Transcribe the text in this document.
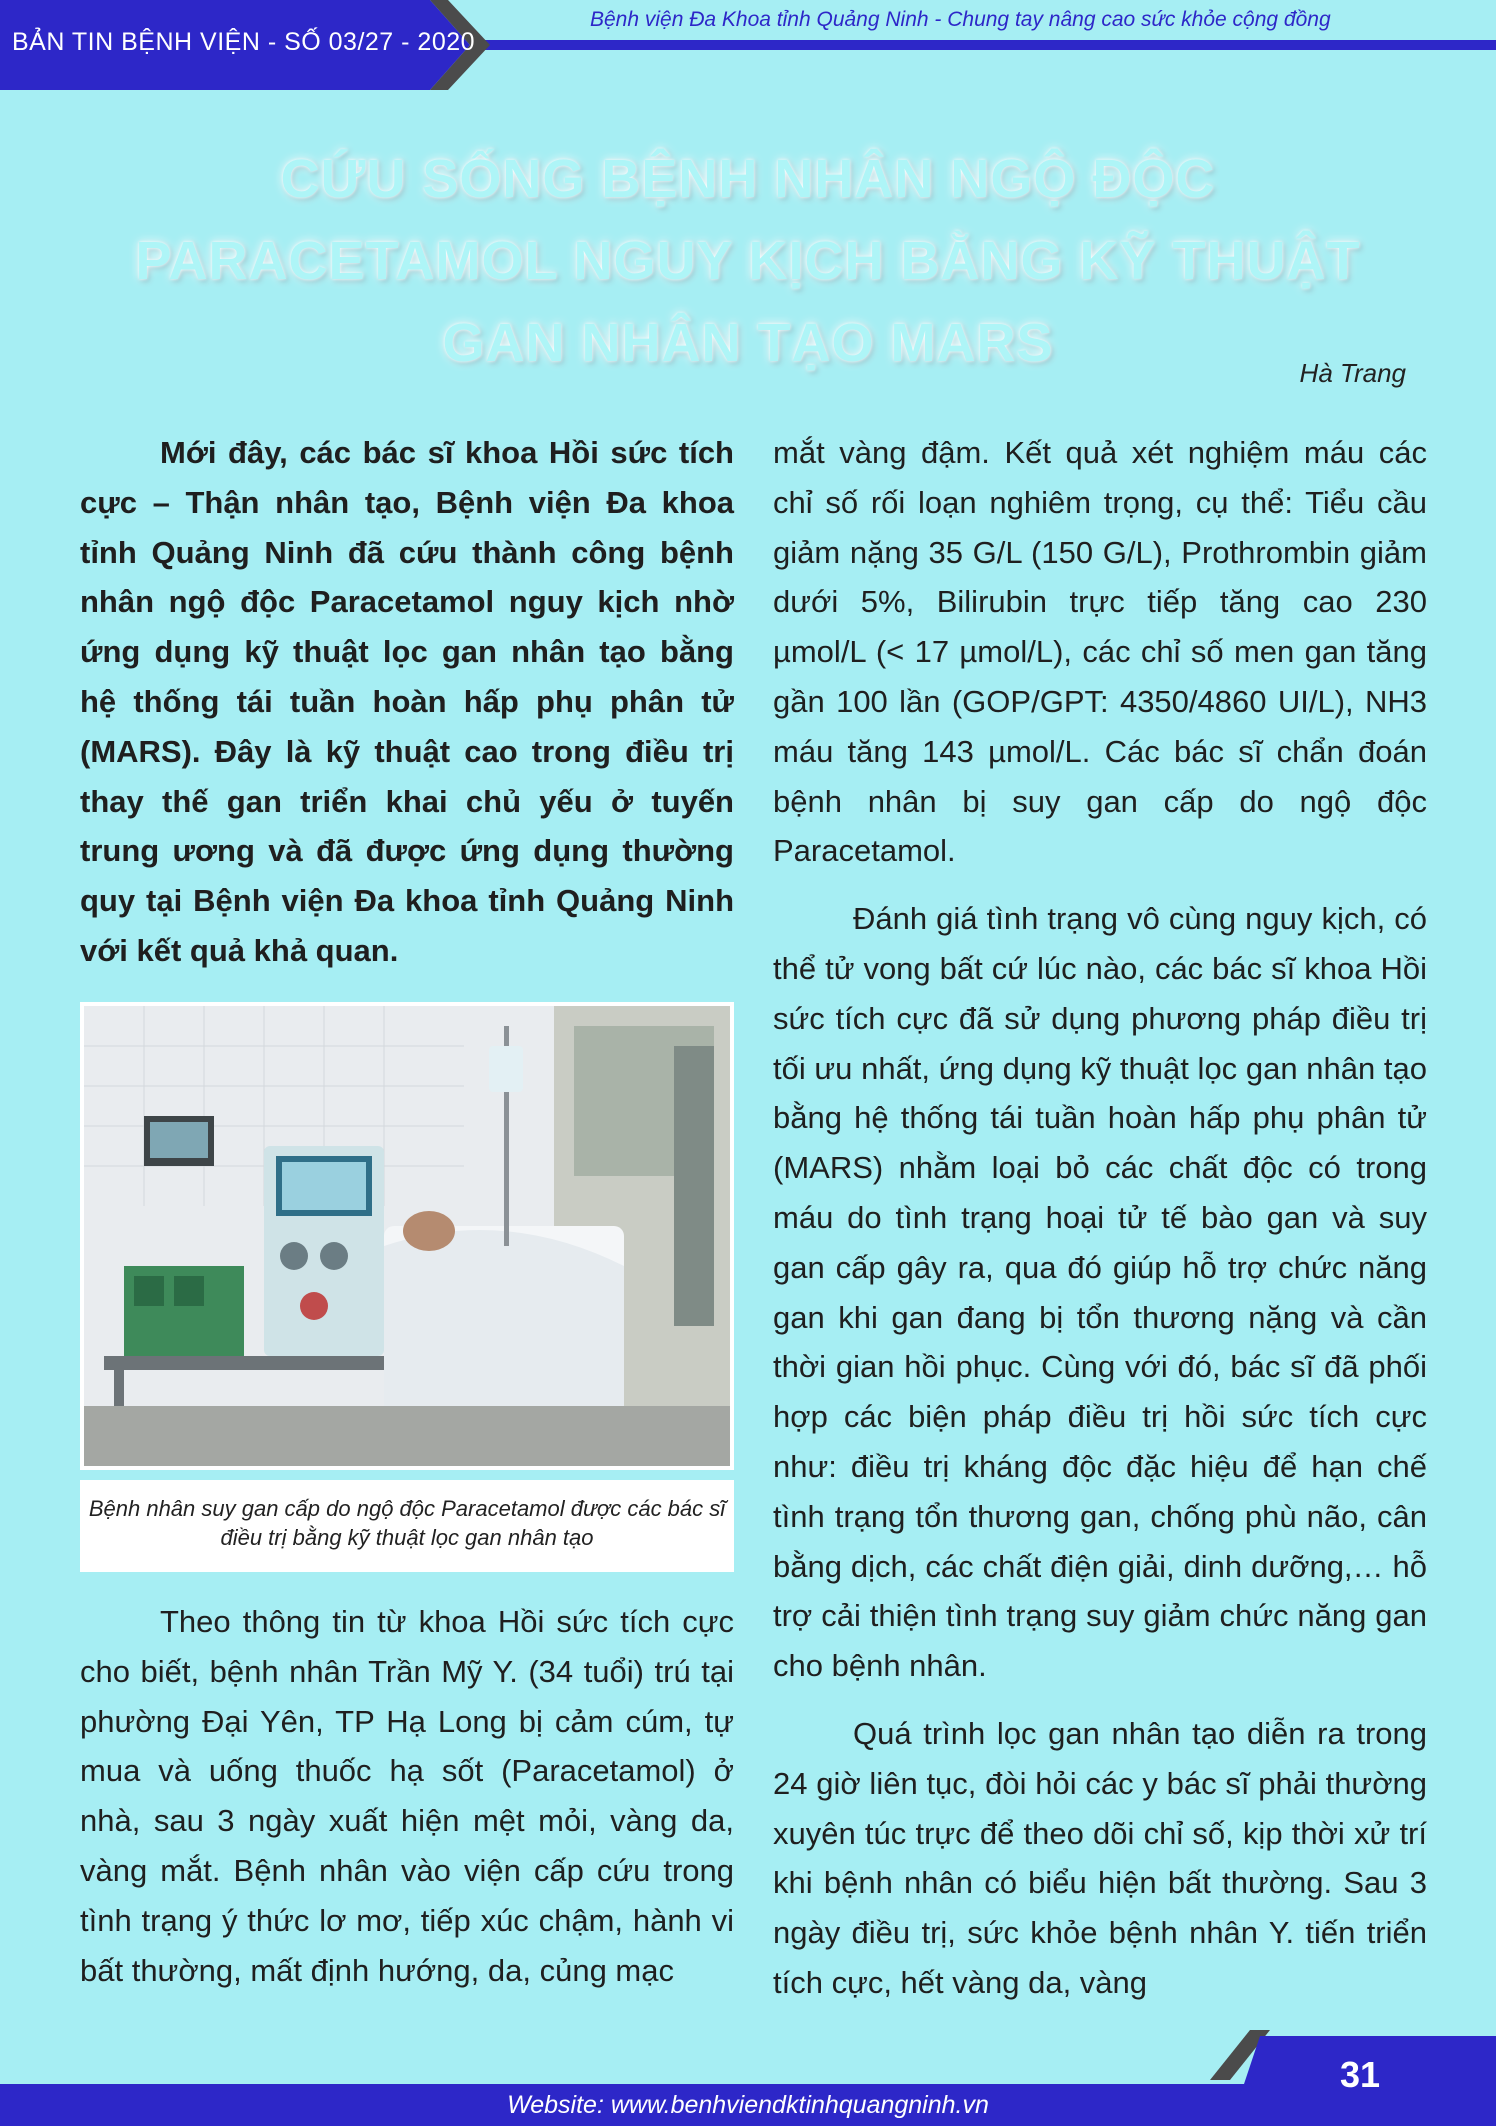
BẢN TIN BỆNH VIỆN - SỐ 03/27 - 2020
Bệnh viện Đa Khoa tỉnh Quảng Ninh - Chung tay nâng cao sức khỏe cộng đồng
CỨU SỐNG BỆNH NHÂN NGỘ ĐỘC
PARACETAMOL NGUY KỊCH BẰNG KỸ THUẬT
GAN NHÂN TẠO MARS	Hà Trang

Mới đây, các bác sĩ khoa Hồi sức tích cực – Thận nhân tạo, Bệnh viện Đa khoa tỉnh Quảng Ninh đã cứu thành công bệnh nhân ngộ độc Paracetamol nguy kịch nhờ ứng dụng kỹ thuật lọc gan nhân tạo bằng hệ thống tái tuần hoàn hấp phụ phân tử (MARS). Đây là kỹ thuật cao trong điều trị thay thế gan triển khai chủ yếu ở tuyến trung ương và đã được ứng dụng thường quy tại Bệnh viện Đa khoa tỉnh Quảng Ninh với kết quả khả quan.

Bệnh nhân suy gan cấp do ngộ độc Paracetamol được các bác sĩ điều trị bằng kỹ thuật lọc gan nhân tạo

Theo thông tin từ khoa Hồi sức tích cực cho biết, bệnh nhân Trần Mỹ Y. (34 tuổi) trú tại phường Đại Yên, TP Hạ Long bị cảm cúm, tự mua và uống thuốc hạ sốt (Paracetamol) ở nhà, sau 3 ngày xuất hiện mệt mỏi, vàng da, vàng mắt. Bệnh nhân vào viện cấp cứu trong tình trạng ý thức lơ mơ, tiếp xúc chậm, hành vi bất thường, mất định hướng, da, củng mạc

mắt vàng đậm. Kết quả xét nghiệm máu các chỉ số rối loạn nghiêm trọng, cụ thể: Tiểu cầu giảm nặng 35 G/L (150 G/L), Prothrombin giảm dưới 5%, Bilirubin trực tiếp tăng cao 230 µmol/L (< 17 µmol/L), các chỉ số men gan tăng gần 100 lần (GOP/GPT: 4350/4860 UI/L), NH3 máu tăng 143 µmol/L. Các bác sĩ chẩn đoán bệnh nhân bị suy gan cấp do ngộ độc Paracetamol.

Đánh giá tình trạng vô cùng nguy kịch, có thể tử vong bất cứ lúc nào, các bác sĩ khoa Hồi sức tích cực đã sử dụng phương pháp điều trị tối ưu nhất, ứng dụng kỹ thuật lọc gan nhân tạo bằng hệ thống tái tuần hoàn hấp phụ phân tử (MARS) nhằm loại bỏ các chất độc có trong máu do tình trạng hoại tử tế bào gan và suy gan cấp gây ra, qua đó giúp hỗ trợ chức năng gan khi gan đang bị tổn thương nặng và cần thời gian hồi phục. Cùng với đó, bác sĩ đã phối hợp các biện pháp điều trị hồi sức tích cực như: điều trị kháng độc đặc hiệu để hạn chế tình trạng tổn thương gan, chống phù não, cân bằng dịch, các chất điện giải, dinh dưỡng,… hỗ trợ cải thiện tình trạng suy giảm chức năng gan cho bệnh nhân.

Quá trình lọc gan nhân tạo diễn ra trong 24 giờ liên tục, đòi hỏi các y bác sĩ phải thường xuyên túc trực để theo dõi chỉ số, kịp thời xử trí khi bệnh nhân có biểu hiện bất thường. Sau 3 ngày điều trị, sức khỏe bệnh nhân Y. tiến triển tích cực, hết vàng da, vàng

Website: www.benhviendktinhquangninh.vn
31
